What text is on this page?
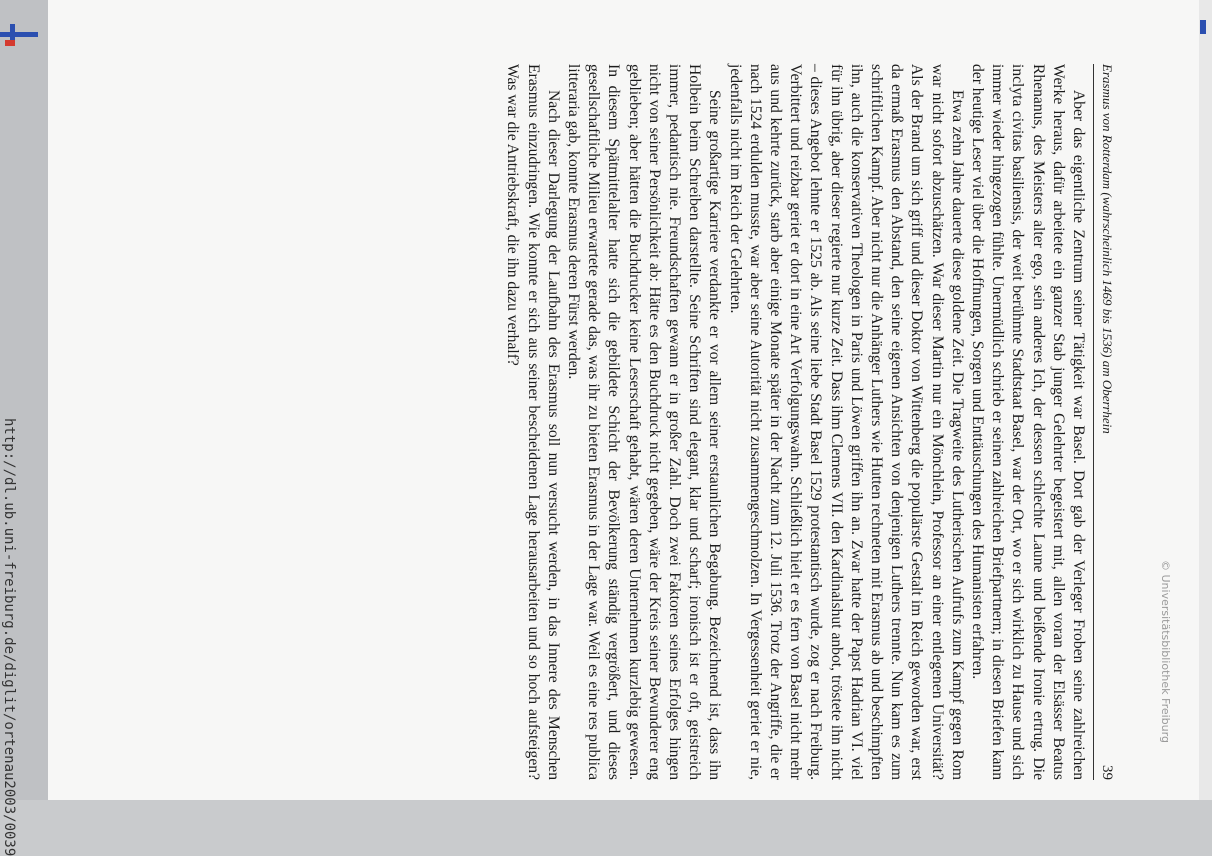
http://dl.ub.uni-freiburg.de/diglit/ortenau2003/0039	© Universitätsbibliothek Freiburg
Erasmus von Rotterdam (wahrscheinlich 1469 bis 1536) am Oberrhein
39

Aber das eigentliche Zentrum seiner Tätigkeit war Basel. Dort gab der Verleger Froben seine zahlreichen Werke heraus, dafür arbeitete ein ganzer Stab junger Gelehrter begeistert mit, allen voran der Elsässer Beatus Rhenanus, des Meisters alter ego, sein anderes Ich, der dessen schlechte Laune und beißende Ironie ertrug. Die inclyta civitas basiliensis, der weit berühmte Stadtstaat Basel, war der Ort, wo er sich wirklich zu Hause und sich immer wieder hingezogen fühlte. Unermüdlich schrieb er seinen zahlreichen Briefpartnern; in diesen Briefen kann der heutige Leser viel über die Hoffnungen, Sorgen und Enttäuschungen des Humanisten erfahren.

Etwa zehn Jahre dauerte diese goldene Zeit. Die Tragweite des Lutherischen Aufrufs zum Kampf gegen Rom war nicht sofort abzuschätzen. War dieser Martin nur ein Mönchlein, Professor an einer entlegenen Universität? Als der Brand um sich griff und dieser Doktor von Wittenberg die populärste Gestalt im Reich geworden war, erst da ermaß Erasmus den Abstand, den seine eigenen Ansichten von denjenigen Luthers trennte. Nun kam es zum schriftlichen Kampf. Aber nicht nur die Anhänger Luthers wie Hutten rechneten mit Erasmus ab und beschimpften ihn, auch die konservativen Theologen in Paris und Löwen griffen ihn an. Zwar hatte der Papst Hadrian VI. viel für ihn übrig, aber dieser regierte nur kurze Zeit. Dass ihm Clemens VII. den Kardinalshut anbot, tröstete ihn nicht – dieses Angebot lehnte er 1525 ab. Als seine liebe Stadt Basel 1529 protestantisch wurde, zog er nach Freiburg. Verbittert und reizbar geriet er dort in eine Art Verfolgungswahn. Schließlich hielt er es fern von Basel nicht mehr aus und kehrte zurück, starb aber einige Monate später in der Nacht zum 12. Juli 1536. Trotz der Angriffe, die er nach 1524 erdulden musste, war aber seine Autorität nicht zusammengeschmolzen. In Vergessenheit geriet er nie, jedenfalls nicht im Reich der Gelehrten.

Seine großartige Karriere verdankte er vor allem seiner erstaunlichen Begabung. Bezeichnend ist, dass ihn Holbein beim Schreiben darstellte. Seine Schriften sind elegant, klar und scharf; ironisch ist er oft, geistreich immer, pedantisch nie. Freundschaften gewann er in großer Zahl. Doch zwei Faktoren seines Erfolges hingen nicht von seiner Persönlichkeit ab: Hätte es den Buchdruck nicht gegeben, wäre der Kreis seiner Bewunderer eng geblieben; aber hätten die Buchdrucker keine Leserschaft gehabt, wären deren Unternehmen kurzlebig gewesen. In diesem Spätmittelalter hatte sich die gebildete Schicht der Bevölkerung ständig vergrößert, und dieses gesellschaftliche Milieu erwartete gerade das, was ihr zu bieten Erasmus in der Lage war. Weil es eine res publica litteraria gab, konnte Erasmus deren Fürst werden.

Nach dieser Darlegung der Laufbahn des Erasmus soll nun versucht werden, in das Innere des Menschen Erasmus einzudringen. Wie konnte er sich aus seiner bescheidenen Lage herausarbeiten und so hoch aufsteigen? Was war die Antriebskraft, die ihn dazu verhalf?
